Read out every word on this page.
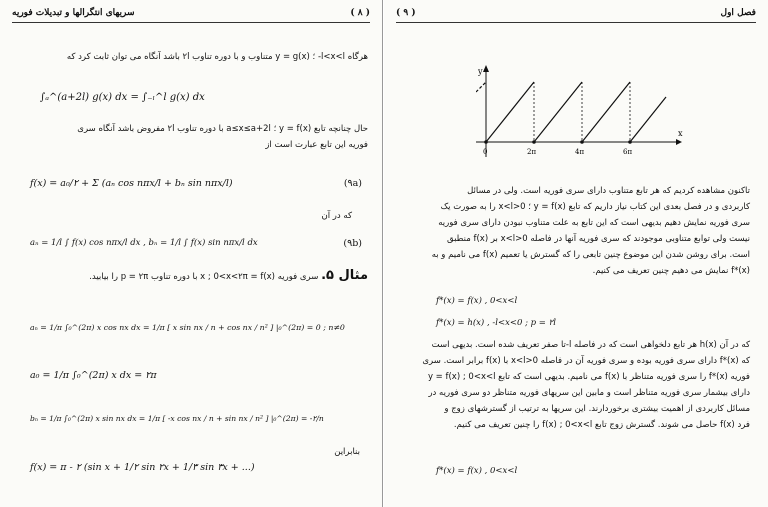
( ۸ )
سریهای انتگرالها و تبدیلات فوریه
هرگاه l<x<l- ؛ y = g(x) متناوب و با دوره تناوب ۲l باشد آنگاه می توان ثابت کرد که
∫ₐ^(a+2l) g(x) dx = ∫₋ₗ^l g(x) dx
حال چنانچه تابع y = f(x) ؛ a≤x≤a+2l با دوره تناوب ۲l مفروض باشد آنگاه سری
فوریه این تابع عبارت است از
f(x) = a₀/۲ + Σ (aₙ cos nπx/l + bₙ sin nπx/l)	(۹a)
که در آن
aₙ = 1/l ∫ f(x) cos nπx/l dx , bₙ = 1/l ∫ f(x) sin nπx/l dx	(۹b)
مثال ۵. سری فوریه x ; 0<x<۲π = f(x) با دوره تناوب p = ۲π را بیابید.
aₙ = 1/π ∫₀^(2π) x cos nx dx = 1/π [ x sin nx / n + cos nx / n² ] |₀^(2π) = 0 ; n≠0
a₀ = 1/π ∫₀^(2π) x dx = ۲π
bₙ = 1/π ∫₀^(2π) x sin nx dx = 1/π [ -x cos nx / n + sin nx / n² ] |₀^(2π) = -۲/n
بنابراین
f(x) = π - ۲ (sin x + 1/۲ sin ۲x + 1/۳ sin ۳x + ...)
( ۹ )	فصل اول
y
x
0	2π	4π	6π
تاکنون مشاهده کردیم که هر تابع متناوب دارای سری فوریه است. ولی در مسائل
کاربردی و در فصل بعدی این کتاب نیاز داریم که تابع y = f(x) ؛ 0<x<l را به صورت یک
سری فوریه نمایش دهیم بدیهی است که این تابع به علت متناوب نبودن دارای سری فوریه
نیست ولی توابع متناوبی موجودند که سری فوریه آنها در فاصله 0<x<l بر f(x) منطبق
است. برای روشن شدن این موضوع چنین تابعی را که گسترش یا تعمیم f(x) می نامیم و به
f*(x) نمایش می دهیم چنین تعریف می کنیم.
f*(x) = f(x) , 0<x<l
f*(x) = h(x) , -l<x<0 ; p = ۲l
که در آن h(x) هر تابع دلخواهی است که در فاصله l-تا صفر تعریف شده است. بدیهی است
که f*(x) دارای سری فوریه بوده و سری فوریه آن در فاصله 0<x<l با f(x) برابر است. سری
فوریه f*(x) را سری فوریه متناظر با f(x) می نامیم. بدیهی است که تابع y = f(x) ; 0<x<l
دارای بیشمار سری فوریه متناظر است و مابین این سریهای فوریه متناظر دو سری فوریه در
مسائل کاربردی از اهمیت بیشتری برخوردارند. این سریها به ترتیب از گسترشهای زوج و
فرد f(x) حاصل می شوند. گسترش زوج تابع f(x) ; 0<x<l را چنین تعریف می کنیم.
f*(x) = f(x) , 0<x<l
